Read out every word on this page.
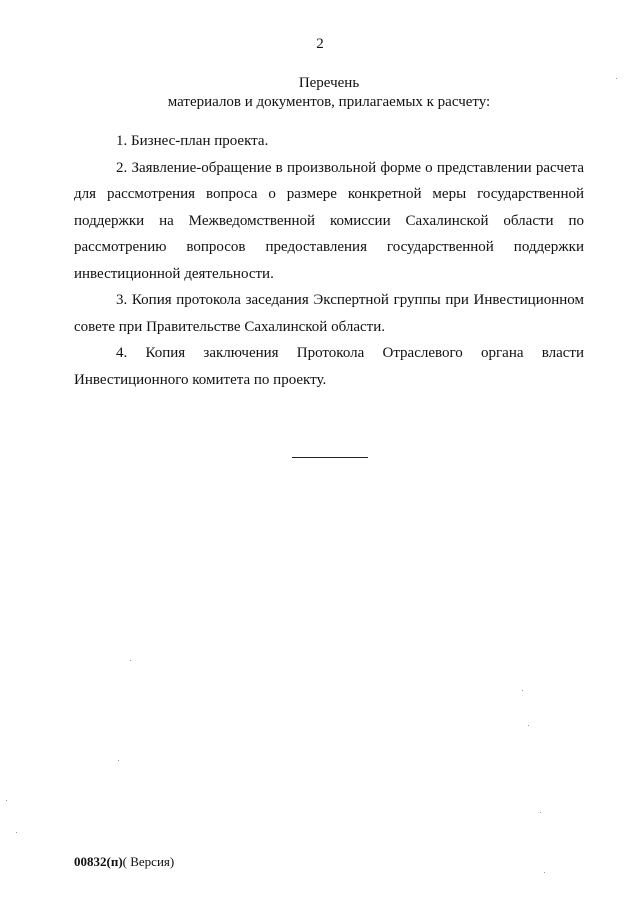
2
Перечень
материалов и документов, прилагаемых к расчету:

1. Бизнес-план проекта.

2. Заявление-обращение в произвольной форме о представлении расчета для рассмотрения вопроса о размере конкретной меры государственной поддержки на Межведомственной комиссии Сахалинской области по рассмотрению вопросов предоставления государственной поддержки инвестиционной деятельности.

3. Копия протокола заседания Экспертной группы при Инвестиционном совете при Правительстве Сахалинской области.

4. Копия заключения Протокола Отраслевого органа власти Инвестиционного комитета по проекту.

00832(п)( Версия)
